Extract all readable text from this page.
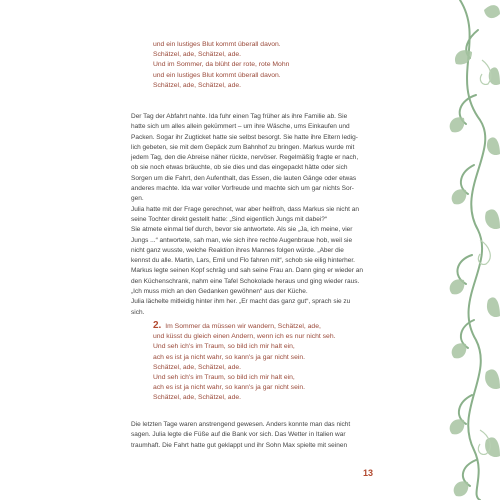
und ein lustiges Blut kommt überall davon.
Schätzel, ade, Schätzel, ade.
Und im Sommer, da blüht der rote, rote Mohn
und ein lustiges Blut kommt überall davon.
Schätzel, ade, Schätzel, ade.
Der Tag der Abfahrt nahte. Ida fuhr einen Tag früher als ihre Familie ab. Sie
hatte sich um alles allein gekümmert – um ihre Wäsche, ums Einkaufen und
Packen. Sogar ihr Zugticket hatte sie selbst besorgt. Sie hatte ihre Eltern ledig-
lich gebeten, sie mit dem Gepäck zum Bahnhof zu bringen. Markus wurde mit
jedem Tag, den die Abreise näher rückte, nervöser. Regelmäßig fragte er nach,
ob sie noch etwas bräuchte, ob sie dies und das eingepackt hätte oder sich
Sorgen um die Fahrt, den Aufenthalt, das Essen, die lauten Gänge oder etwas
anderes machte. Ida war voller Vorfreude und machte sich um gar nichts Sor-
gen.
Julia hatte mit der Frage gerechnet, war aber heilfroh, dass Markus sie nicht an
seine Tochter direkt gestellt hatte: „Sind eigentlich Jungs mit dabei?“
Sie atmete einmal tief durch, bevor sie antwortete. Als sie „Ja, ich meine, vier
Jungs ...“ antwortete, sah man, wie sich ihre rechte Augenbraue hob, weil sie
nicht ganz wusste, welche Reaktion ihres Mannes folgen würde. „Aber die
kennst du alle. Martin, Lars, Emil und Flo fahren mit“, schob sie eilig hinterher.
Markus legte seinen Kopf schräg und sah seine Frau an. Dann ging er wieder an
den Küchenschrank, nahm eine Tafel Schokolade heraus und ging wieder raus.
„Ich muss mich an den Gedanken gewöhnen“ aus der Küche.
Julia lächelte mitleidig hinter ihm her. „Er macht das ganz gut“, sprach sie zu
sich.
2. Im Sommer da müssen wir wandern, Schätzel, ade,
und küsst du gleich einen Andern, wenn ich es nur nicht seh.
Und seh ich's im Traum, so bild ich mir halt ein,
ach es ist ja nicht wahr, so kann's ja gar nicht sein.
Schätzel, ade, Schätzel, ade.
Und seh ich's im Traum, so bild ich mir halt ein,
ach es ist ja nicht wahr, so kann's ja gar nicht sein.
Schätzel, ade, Schätzel, ade.
Die letzten Tage waren anstrengend gewesen. Anders konnte man das nicht
sagen. Julia legte die Füße auf die Bank vor sich. Das Wetter in Italien war
traumhaft. Die Fahrt hatte gut geklappt und ihr Sohn Max spielte mit seinen
13
